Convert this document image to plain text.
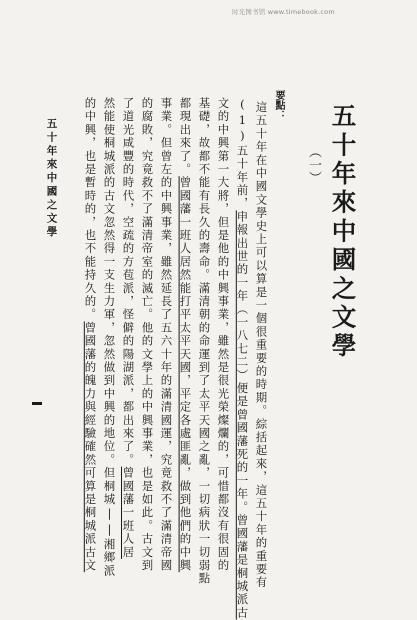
时光图书馆 www.timebook.com
五十年來中國之文學
（一）
要點：
這五十年在中國文學史上可以算是一個很重要的時期。綜括起來，這五十年的重要有
(1)五十年前，申報出世的一年（一八七二）便是曾國藩死的一年。曾國藩是桐城派古
文的中興第一大將，但是他的中興事業，雖然是很光榮燦爛的，可惜都沒有很固的
基礎，故都不能有長久的壽命。滿清朝的命運到了太平天國之亂，一切病狀一切弱點
都現出來了。曾國藩一班人居然能打平太平天國，平定各處匪亂，做到他們的中興
事業。但曾左的中興事業，雖然延長了五六十年的滿清國運，究竟救不了滿清帝國
的腐敗，究竟救不了滿清帝室的滅亡。他的文學上的中興事業，也是如此。古文到
了道光咸豐的時代，空疏的方苞派，怪僻的陽湖派，都出來了。曾國藩一班人居
然能使桐城派的古文忽然得一支生力軍，忽然做到中興的地位。但桐城||湘鄉派
的中興，也是暫時的，也不能持久的。曾國藩的魄力與經驗確然可算是桐城派古文
五十年來中國之文學
